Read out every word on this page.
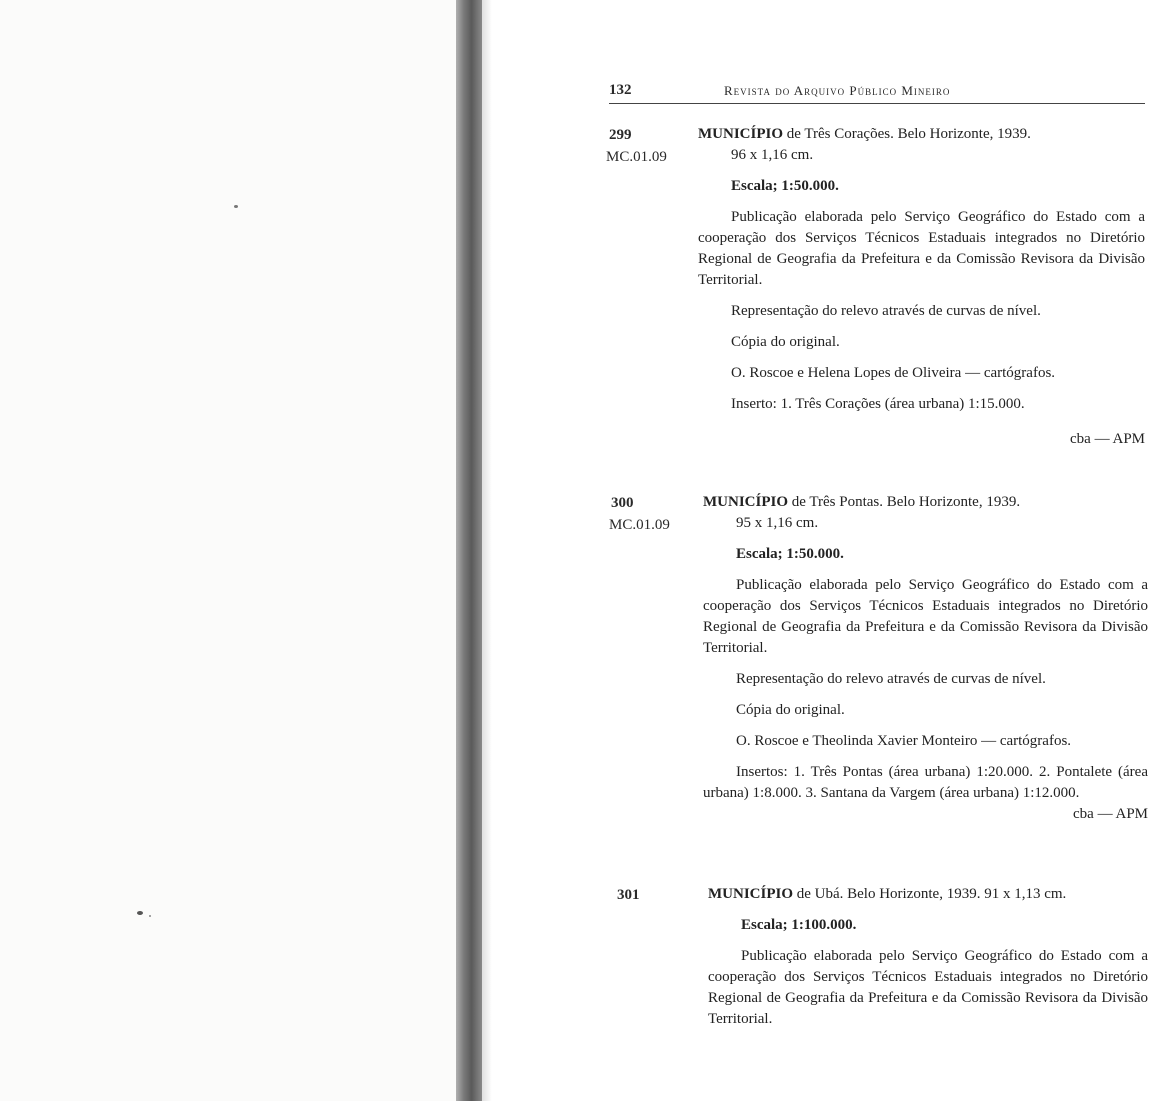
132	Revista do Arquivo Público Mineiro
299
MC.01.09

MUNICÍPIO de Três Corações. Belo Horizonte, 1939.

96 x 1,16 cm.

Escala; 1:50.000.

Publicação elaborada pelo Serviço Geográfico do Estado com a cooperação dos Serviços Técnicos Estaduais integrados no Diretório Regional de Geografia da Prefeitura e da Comissão Revisora da Divisão Territorial.

Representação do relevo através de curvas de nível.

Cópia do original.

O. Roscoe e Helena Lopes de Oliveira — cartógrafos.

Inserto: 1. Três Corações (área urbana) 1:15.000.

cba — APM

300
MC.01.09

MUNICÍPIO de Três Pontas. Belo Horizonte, 1939.

95 x 1,16 cm.

Escala; 1:50.000.

Publicação elaborada pelo Serviço Geográfico do Estado com a cooperação dos Serviços Técnicos Estaduais integrados no Diretório Regional de Geografia da Prefeitura e da Comissão Revisora da Divisão Territorial.

Representação do relevo através de curvas de nível.

Cópia do original.

O. Roscoe e Theolinda Xavier Monteiro — cartógrafos.

Insertos: 1. Três Pontas (área urbana) 1:20.000. 2. Pontalete (área urbana) 1:8.000. 3. Santana da Vargem (área urbana) 1:12.000.

cba — APM

301	MUNICÍPIO de Ubá. Belo Horizonte, 1939. 91 x 1,13 cm.

Escala; 1:100.000.

Publicação elaborada pelo Serviço Geográfico do Estado com a cooperação dos Serviços Técnicos Estaduais integrados no Diretório Regional de Geografia da Prefeitura e da Comissão Revisora da Divisão Territorial.
